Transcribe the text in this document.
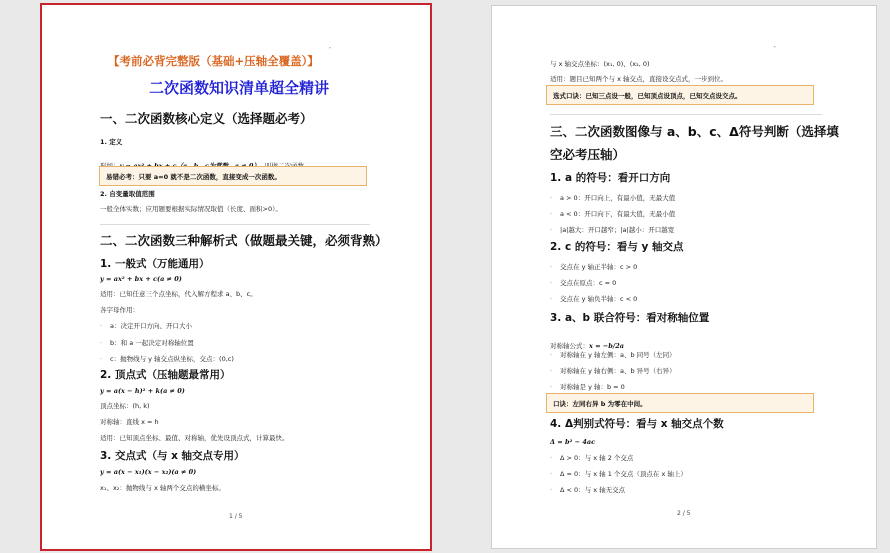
,
【考前必背完整版（基础+压轴全覆盖）】
二次函数知识清单超全精讲
一、二次函数核心定义（选择题必考）
1. 定义
易错必考：只要 a=0 就不是二次函数，直接变成一次函数。
2. 自变量取值范围
一般全体实数；应用题要根据实际情况取值（长度、面积>0）。
二、二次函数三种解析式（做题最关键，必须背熟）
1. 一般式（万能通用）
y = ax² + bx + c(a ≠ 0)
适用：已知任意三个点坐标，代入解方程求 a、b、c。
各字母作用：
· a：决定开口方向、开口大小
· b：和 a 一起决定对称轴位置
· c：抛物线与 y 轴交点纵坐标，交点：(0,c)
2. 顶点式（压轴题最常用）
y = a(x − h)² + k(a ≠ 0)
顶点坐标：(h, k)
对称轴：直线 x = h
适用：已知顶点坐标、最值、对称轴，优先设顶点式，计算最快。
3. 交点式（与 x 轴交点专用）
y = a(x − x₁)(x − x₂)(a ≠ 0)
x₁、x₂：抛物线与 x 轴两个交点的横坐标。
1 / 5
,
与 x 轴交点坐标：(x₁, 0)、(x₂, 0)
适用：题目已知两个与 x 轴交点，直接设交点式，一步到位。
选式口诀：已知三点设一般，已知顶点设顶点，已知交点设交点。
三、二次函数图像与 a、b、c、Δ符号判断（选择填
空必考压轴）
1. a 的符号：看开口方向
· a > 0：开口向上，有最小值，无最大值
· a < 0：开口向下，有最大值，无最小值
· |a|越大：开口越窄；|a|越小：开口越宽
2. c 的符号：看与 y 轴交点
· 交点在 y 轴正半轴：c > 0
· 交点在原点：c = 0
· 交点在 y 轴负半轴：c < 0
3. a、b 联合符号：看对称轴位置
对称轴公式：x = −b/2a
· 对称轴在 y 轴左侧：a、b 同号（左同）
· 对称轴在 y 轴右侧：a、b 异号（右异）
· 对称轴是 y 轴：b = 0
口诀：左同右异 b 为零在中间。
4. Δ判别式符号：看与 x 轴交点个数
Δ = b² − 4ac
· Δ > 0：与 x 轴 2 个交点
· Δ = 0：与 x 轴 1 个交点（顶点在 x 轴上）
· Δ < 0：与 x 轴无交点
2 / 5
